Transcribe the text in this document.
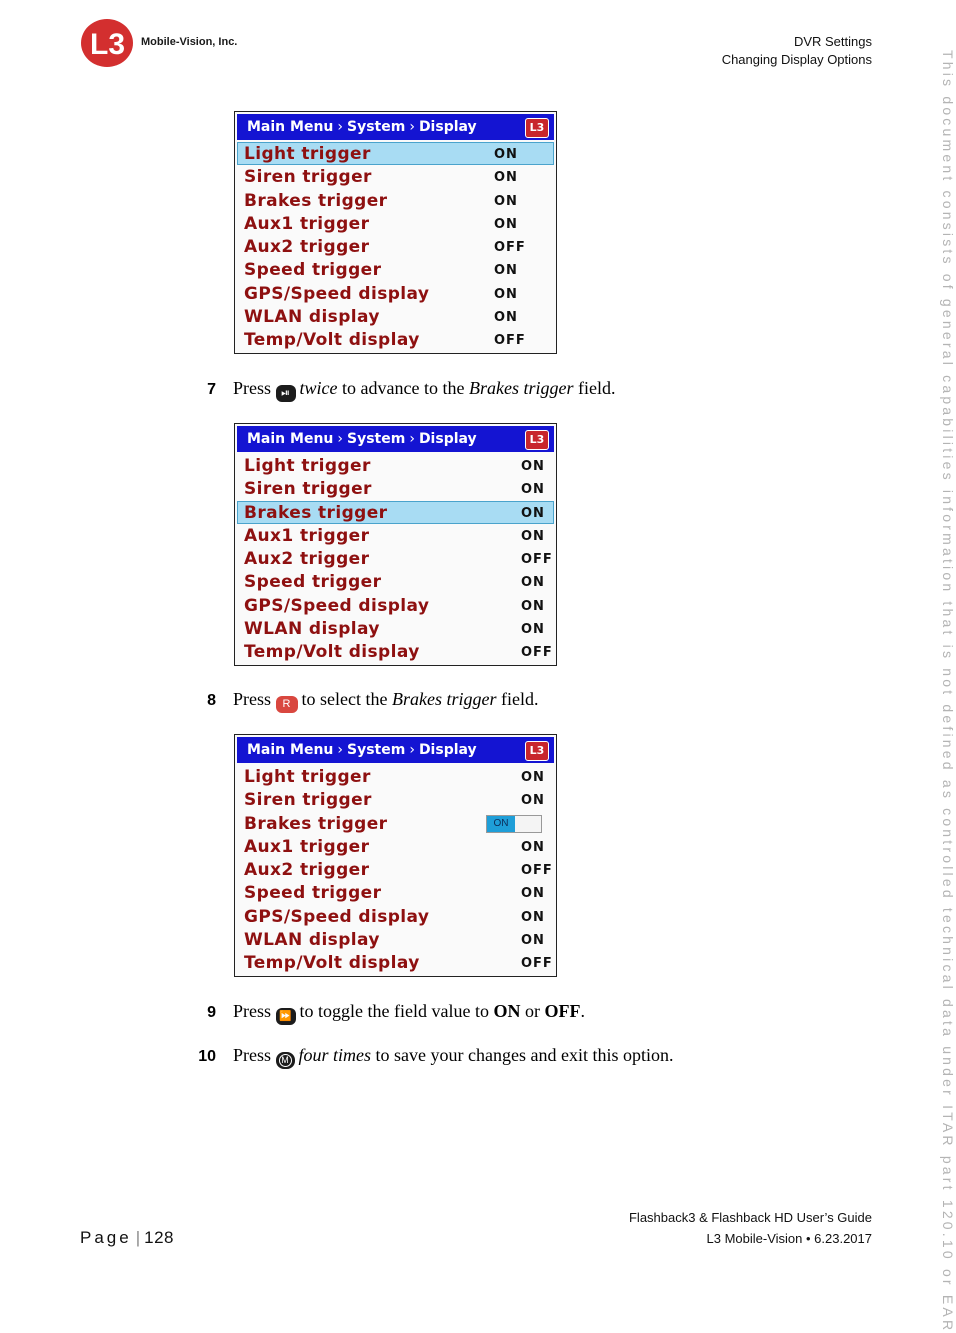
L3 Mobile-Vision, Inc.	DVR Settings
Changing Display Options	This document consists of general capabilities information that is not defined as controlled technical data under ITAR part 120.10 or EAR
Main Menu › System › Display	L3
Light trigger	ON
Siren trigger	ON
Brakes trigger	ON
Aux1 trigger	ON
Aux2 trigger	OFF
Speed trigger	ON
GPS/Speed display	ON
WLAN display	ON
Temp/Volt display	OFF
7 Press ⏯ twice to advance to the Brakes trigger field.
Main Menu › System › Display	L3
Light trigger	ON
Siren trigger	ON
Brakes trigger	ON
Aux1 trigger	ON
Aux2 trigger	OFF
Speed trigger	ON
GPS/Speed display	ON
WLAN display	ON
Temp/Volt display	OFF
8 Press R to select the Brakes trigger field.
Main Menu › System › Display	L3
Light trigger	ON
Siren trigger	ON
Brakes trigger	ON
Aux1 trigger	ON
Aux2 trigger	OFF
Speed trigger	ON
GPS/Speed display	ON
WLAN display	ON
Temp/Volt display	OFF
9 Press ⏩ to toggle the field value to ON or OFF.
10 Press M four times to save your changes and exit this option.
Page | 128
Flashback3 & Flashback HD User’s Guide
L3 Mobile-Vision • 6.23.2017
